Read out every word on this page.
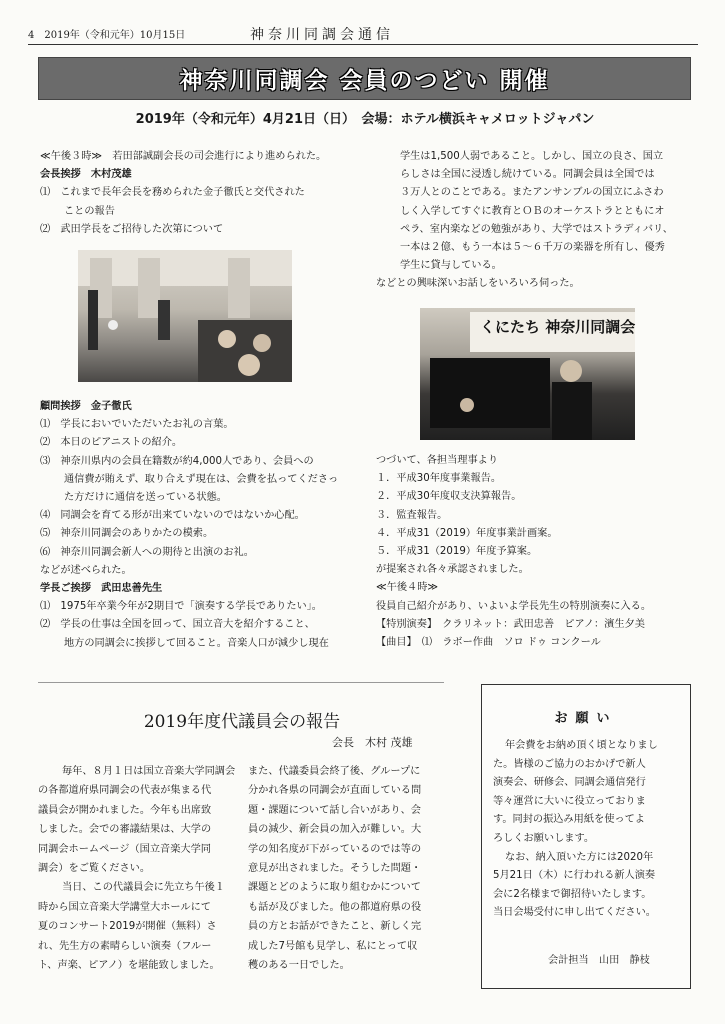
4　2019年（令和元年）10月15日	神奈川同調会通信
神奈川同調会 会員のつどい 開催
2019年（令和元年）4月21日（日）　会場：ホテル横浜キャメロットジャパン

≪午後３時≫　若田部誠副会長の司会進行により進められた。

会長挨拶　木村茂雄

⑴　これまで長年会長を務められた金子徹氏と交代された

ことの報告

⑵　武田学長をご招待した次第について

顧問挨拶　金子徹氏

⑴　学長においでいただいたお礼の言葉。

⑵　本日のピアニストの紹介。

⑶　神奈川県内の会員在籍数が約4,000人であり、会員への

通信費が賄えず、取り合えず現在は、会費を払ってくださっ

た方だけに通信を送っている状態。

⑷　同調会を育てる形が出来ていないのではないか心配。

⑸　神奈川同調会のありかたの模索。

⑹　神奈川同調会新人への期待と出演のお礼。

などが述べられた。

学長ご挨拶　武田忠善先生

⑴　1975年卒業今年が2期目で「演奏する学長でありたい」。

⑵　学長の仕事は全国を回って、国立音大を紹介すること、

地方の同調会に挨拶して回ること。音楽人口が減少し現在

学生は1,500人弱であること。しかし、国立の良さ、国立

らしさは全国に浸透し続けている。同調会員は全国では

３万人とのことである。またアンサンブルの国立にふさわ

しく入学してすぐに教育とＯＢのオーケストラとともにオ

ペラ、室内楽などの勉強があり、大学ではストラディバリ、

一本は２億、もう一本は５～６千万の楽器を所有し、優秀

学生に貸与している。

などとの興味深いお話しをいろいろ伺った。

くにたち 神奈川同調会

つづいて、各担当理事より

１．平成30年度事業報告。

２．平成30年度収支決算報告。

３．監査報告。

４．平成31（2019）年度事業計画案。

５．平成31（2019）年度予算案。

が提案され各々承認されました。

≪午後４時≫

役員自己紹介があり、いよいよ学長先生の特別演奏に入る。

【特別演奏】　クラリネット：武田忠善　ピアノ：濱生夕美

【曲目】　⑴　ラボー作曲　ソロ ドゥ コンクール

2019年度代議員会の報告
会長　木村 茂雄

毎年、８月１日は国立音楽大学同調会

の各都道府県同調会の代表が集まる代

議員会が開かれました。今年も出席致

しました。会での審議結果は、大学の

同調会ホームページ（国立音楽大学同

調会）をご覧ください。

当日、この代議員会に先立ち午後１

時から国立音楽大学講堂大ホールにて

夏のコンサート2019が開催（無料）さ

れ、先生方の素晴らしい演奏（フルー

ト、声楽、ピアノ）を堪能致しました。

また、代議委員会終了後、グループに

分かれ各県の同調会が直面している問

題・課題について話し合いがあり、会

員の減少、新会員の加入が難しい。大

学の知名度が下がっているのでは等の

意見が出されました。そうした問題・

課題とどのように取り組むかについて

も話が及びました。他の都道府県の役

員の方とお話ができたこと、新しく完

成した7号館も見学し、私にとって収

穫のある一日でした。

お願い

年会費をお納め頂く頃となりまし

た。皆様のご協力のおかげで新人

演奏会、研修会、同調会通信発行

等々運営に大いに役立っておりま

す。同封の振込み用紙を使ってよ

ろしくお願いします。

なお、納入頂いた方には2020年

5月21日（木）に行われる新人演奏

会に2名様まで御招待いたします。

当日会場受付に申し出てください。

会計担当　山田　静枝
